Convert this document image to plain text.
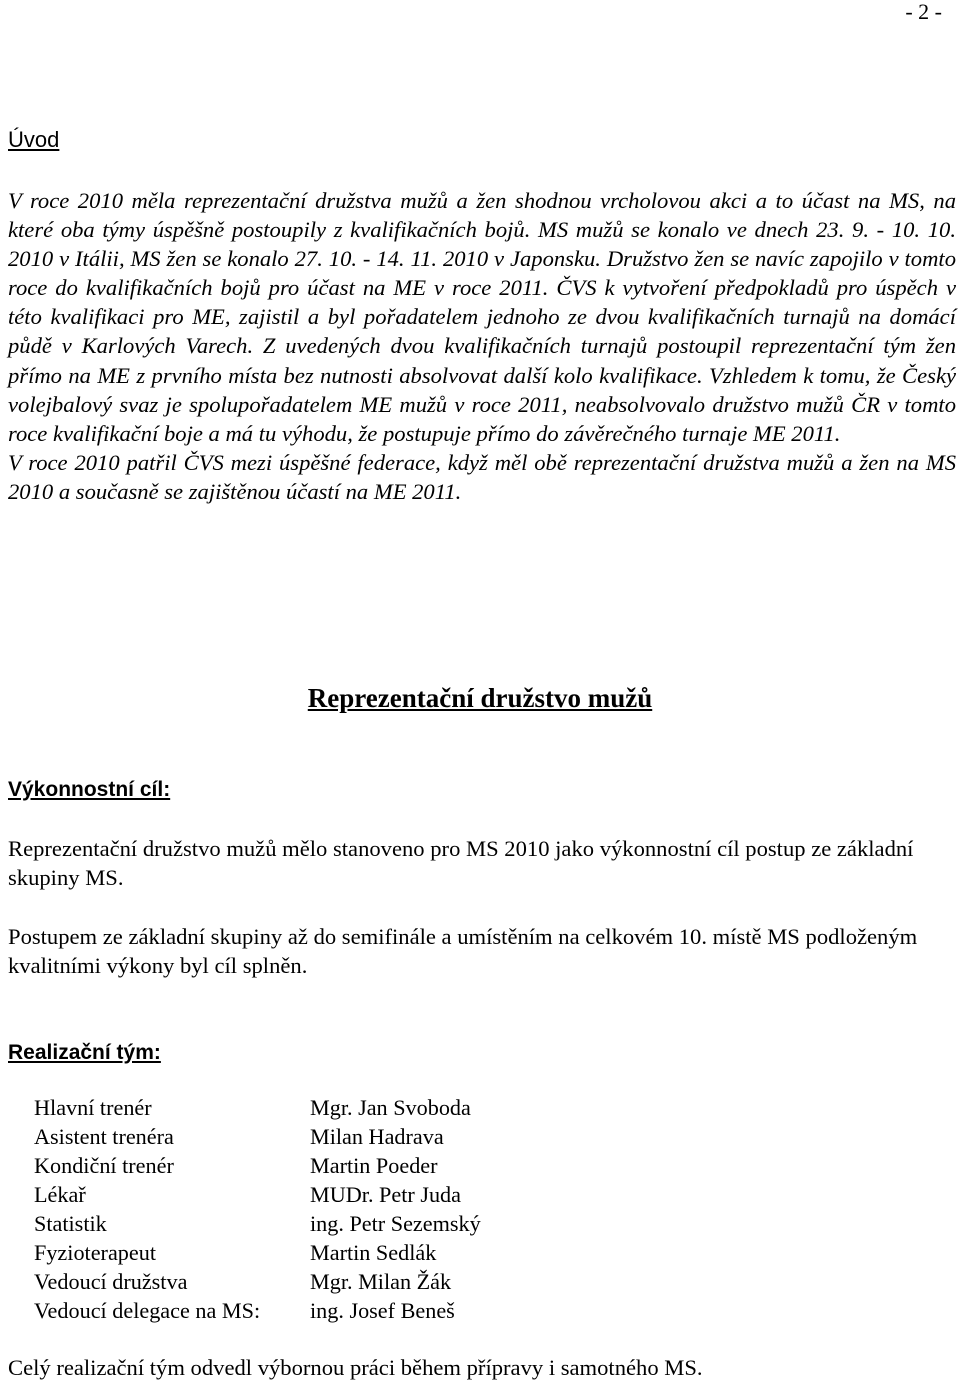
- 2 -
Úvod

V roce 2010 měla reprezentační družstva mužů a žen shodnou vrcholovou akci a to účast na MS, na které oba týmy úspěšně postoupily z kvalifikačních bojů. MS mužů se konalo ve dnech 23. 9. - 10. 10. 2010 v Itálii, MS žen se konalo 27. 10. - 14. 11. 2010 v Japonsku. Družstvo žen se navíc zapojilo v tomto roce do kvalifikačních bojů pro účast na ME v roce 2011. ČVS k vytvoření předpokladů pro úspěch v této kvalifikaci pro ME, zajistil a byl pořadatelem jednoho ze dvou kvalifikačních turnajů na domácí půdě v Karlových Varech. Z uvedených dvou kvalifikačních turnajů postoupil reprezentační tým žen přímo na ME z prvního místa bez nutnosti absolvovat další kolo kvalifikace. Vzhledem k tomu, že Český volejbalový svaz je spolupořadatelem ME mužů v roce 2011, neabsolvovalo družstvo mužů ČR v tomto roce kvalifikační boje a má tu výhodu, že postupuje přímo do závěrečného turnaje ME 2011.

V roce 2010 patřil ČVS mezi úspěšné federace, když měl obě reprezentační družstva mužů a žen na MS 2010 a současně se zajištěnou účastí na ME 2011.

Reprezentační družstvo mužů
Výkonnostní cíl:

Reprezentační družstvo mužů mělo stanoveno pro MS 2010 jako výkonnostní cíl postup ze základní skupiny MS.

Postupem ze základní skupiny až do semifinále a umístěním na celkovém 10. místě MS podloženým kvalitními výkony byl cíl splněn.

Realizační tým:
Hlavní trenér	Mgr. Jan Svoboda
Asistent trenéra	Milan Hadrava
Kondiční trenér	Martin Poeder
Lékař	MUDr. Petr Juda
Statistik	ing. Petr Sezemský
Fyzioterapeut	Martin Sedlák
Vedoucí družstva	Mgr. Milan Žák
Vedoucí delegace na MS:	ing. Josef Beneš

Celý realizační tým odvedl výbornou práci během přípravy i samotného MS.
